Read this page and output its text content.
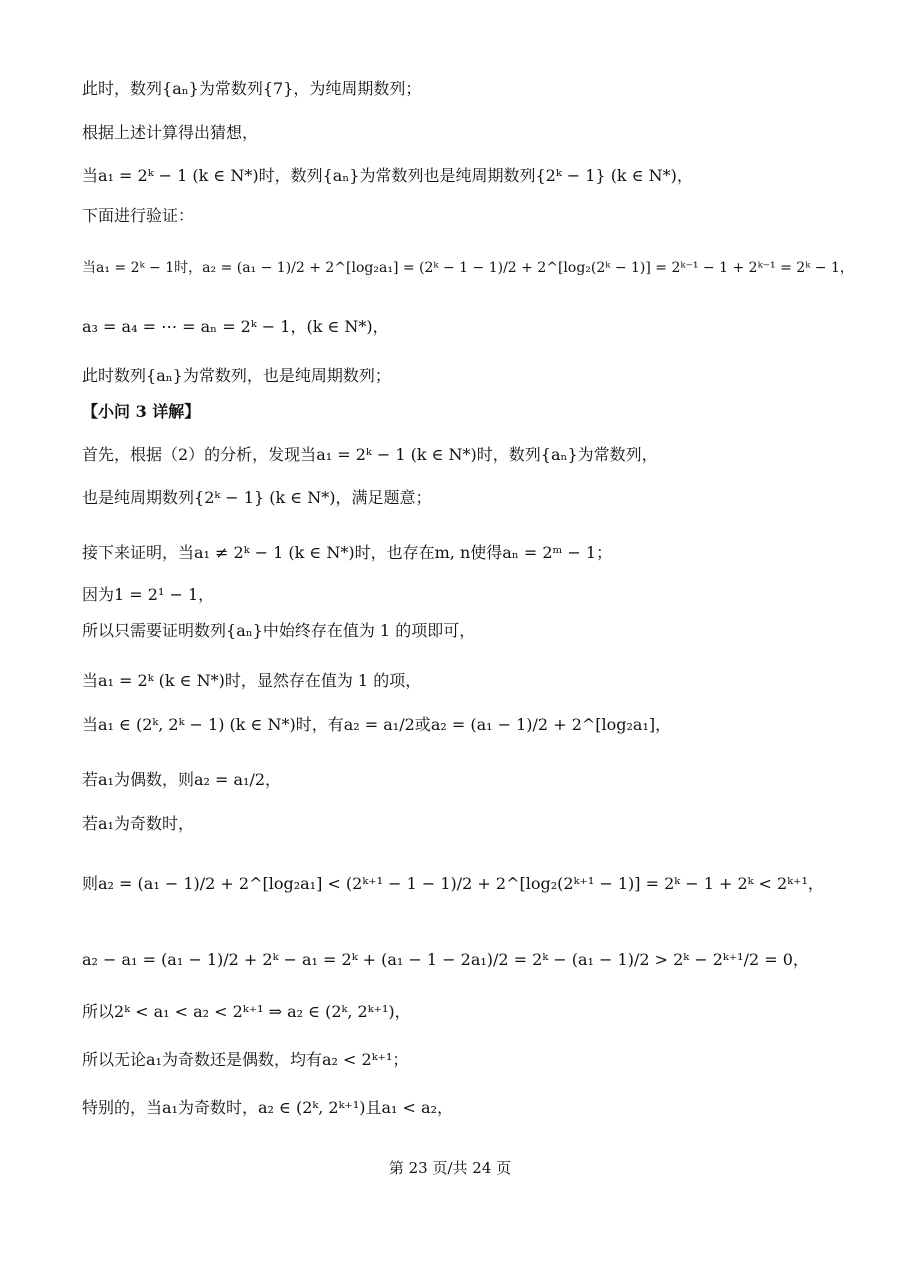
此时，数列{aₙ}为常数列{7}，为纯周期数列；
根据上述计算得出猜想，
当a₁ = 2ᵏ − 1 (k ∈ N*)时，数列{aₙ}为常数列也是纯周期数列{2ᵏ − 1} (k ∈ N*)，
下面进行验证：
当a₁ = 2ᵏ − 1时，a₂ = (a₁ − 1)/2 + 2^[log₂a₁] = (2ᵏ − 1 − 1)/2 + 2^[log₂(2ᵏ − 1)] = 2ᵏ⁻¹ − 1 + 2ᵏ⁻¹ = 2ᵏ − 1，
a₃ = a₄ = ⋯ = aₙ = 2ᵏ − 1，(k ∈ N*)，
此时数列{aₙ}为常数列，也是纯周期数列；
【小问 3 详解】
首先，根据（2）的分析，发现当a₁ = 2ᵏ − 1 (k ∈ N*)时，数列{aₙ}为常数列，
也是纯周期数列{2ᵏ − 1} (k ∈ N*)，满足题意；
接下来证明，当a₁ ≠ 2ᵏ − 1 (k ∈ N*)时，也存在m, n使得aₙ = 2ᵐ − 1；
因为1 = 2¹ − 1，
所以只需要证明数列{aₙ}中始终存在值为 1 的项即可，
当a₁ = 2ᵏ (k ∈ N*)时，显然存在值为 1 的项，
当a₁ ∈ (2ᵏ, 2ᵏ − 1) (k ∈ N*)时，有a₂ = a₁/2或a₂ = (a₁ − 1)/2 + 2^[log₂a₁]，
若a₁为偶数，则a₂ = a₁/2，
若a₁为奇数时，
则a₂ = (a₁ − 1)/2 + 2^[log₂a₁] < (2ᵏ⁺¹ − 1 − 1)/2 + 2^[log₂(2ᵏ⁺¹ − 1)] = 2ᵏ − 1 + 2ᵏ < 2ᵏ⁺¹，
a₂ − a₁ = (a₁ − 1)/2 + 2ᵏ − a₁ = 2ᵏ + (a₁ − 1 − 2a₁)/2 = 2ᵏ − (a₁ − 1)/2 > 2ᵏ − 2ᵏ⁺¹/2 = 0，
所以2ᵏ < a₁ < a₂ < 2ᵏ⁺¹ ⇒ a₂ ∈ (2ᵏ, 2ᵏ⁺¹)，
所以无论a₁为奇数还是偶数，均有a₂ < 2ᵏ⁺¹；
特别的，当a₁为奇数时，a₂ ∈ (2ᵏ, 2ᵏ⁺¹)且a₁ < a₂，
第 23 页/共 24 页
